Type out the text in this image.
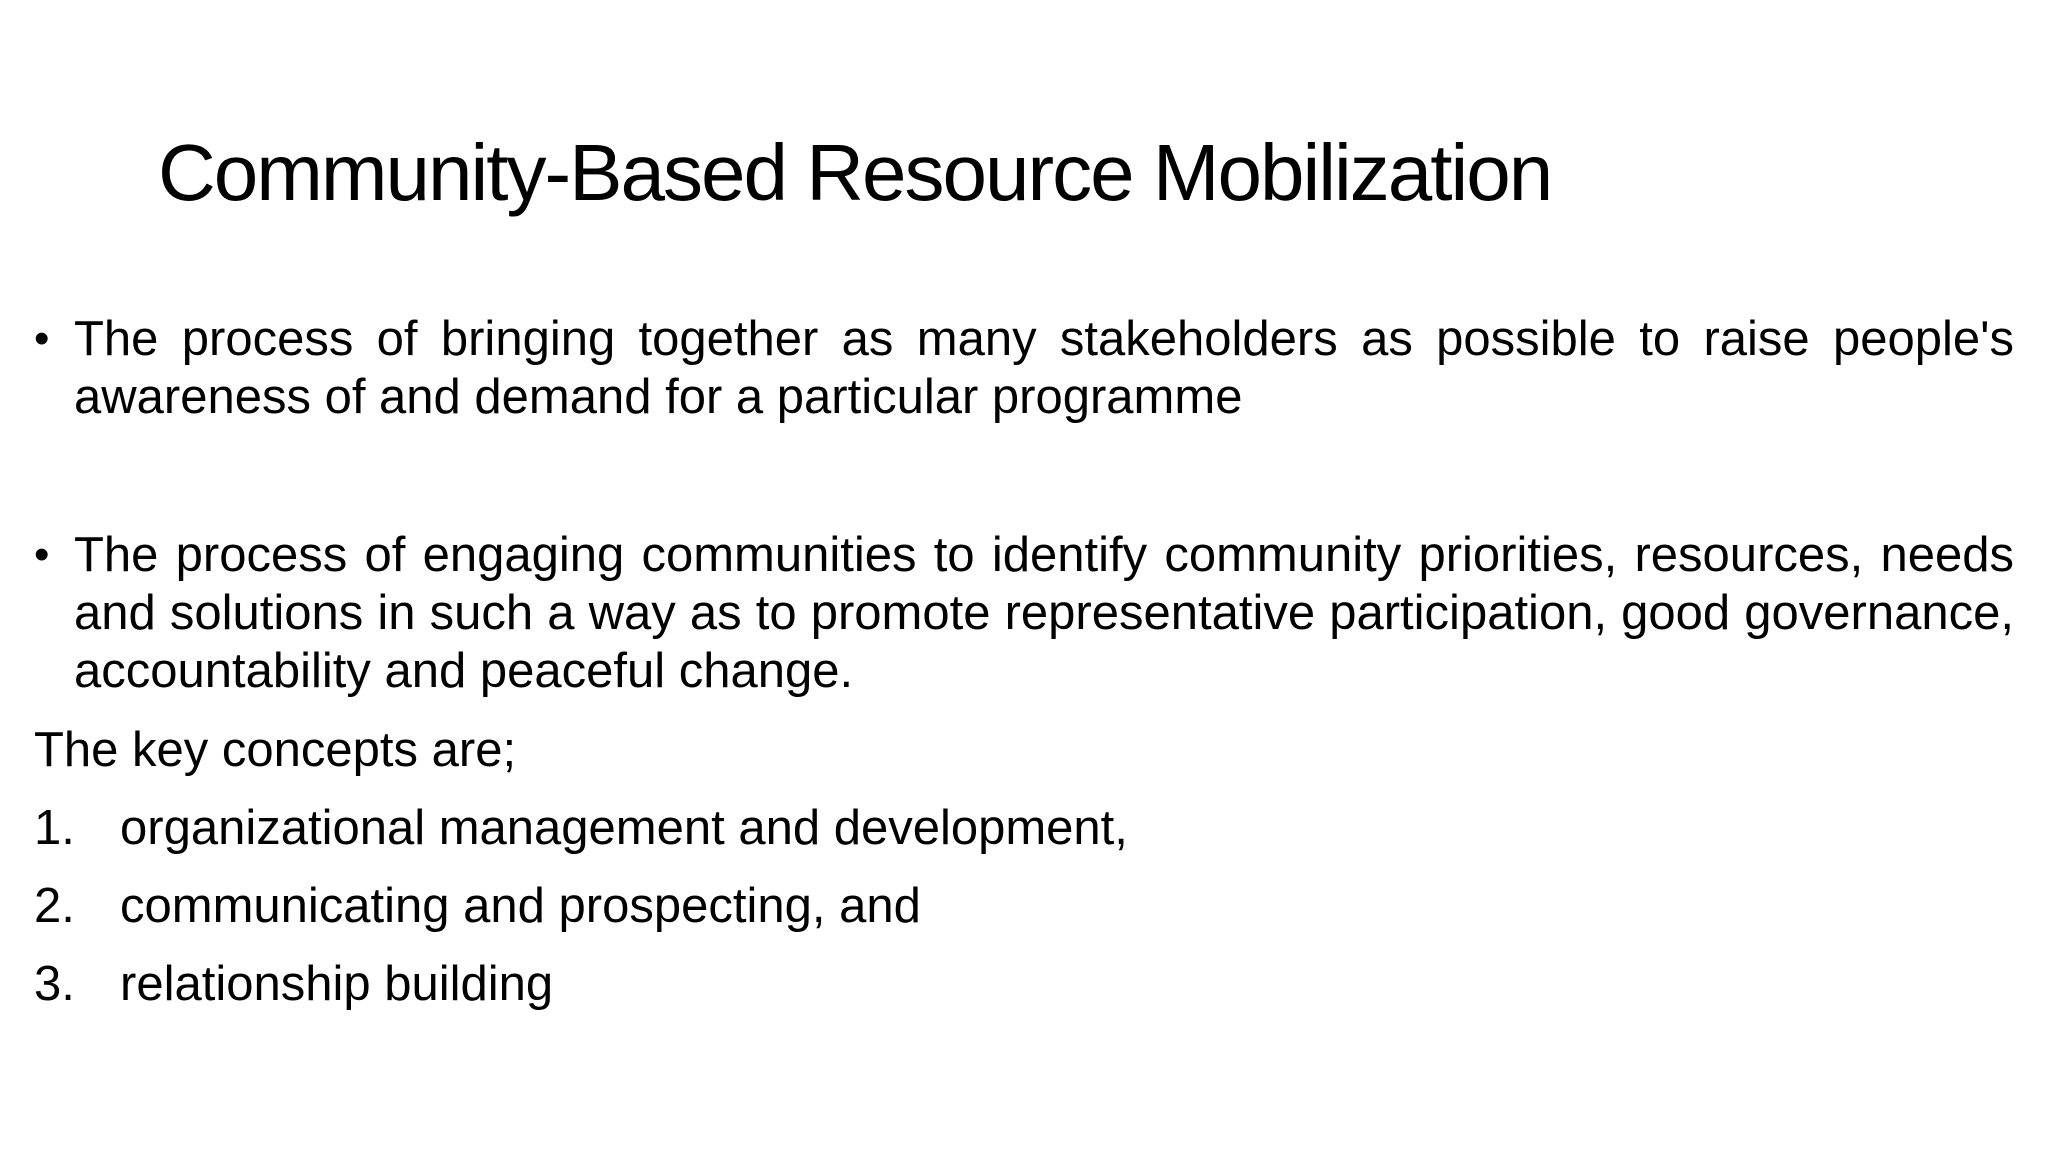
Community-Based Resource Mobilization
• The process of bringing together as many stakeholders as possible to raise people's awareness of and demand for a particular programme
• The process of engaging communities to identify community priorities, resources, needs and solutions in such a way as to promote representative participation, good governance, accountability and peaceful change.
The key concepts are;
1. organizational management and development,
2. communicating and prospecting, and
3. relationship building
